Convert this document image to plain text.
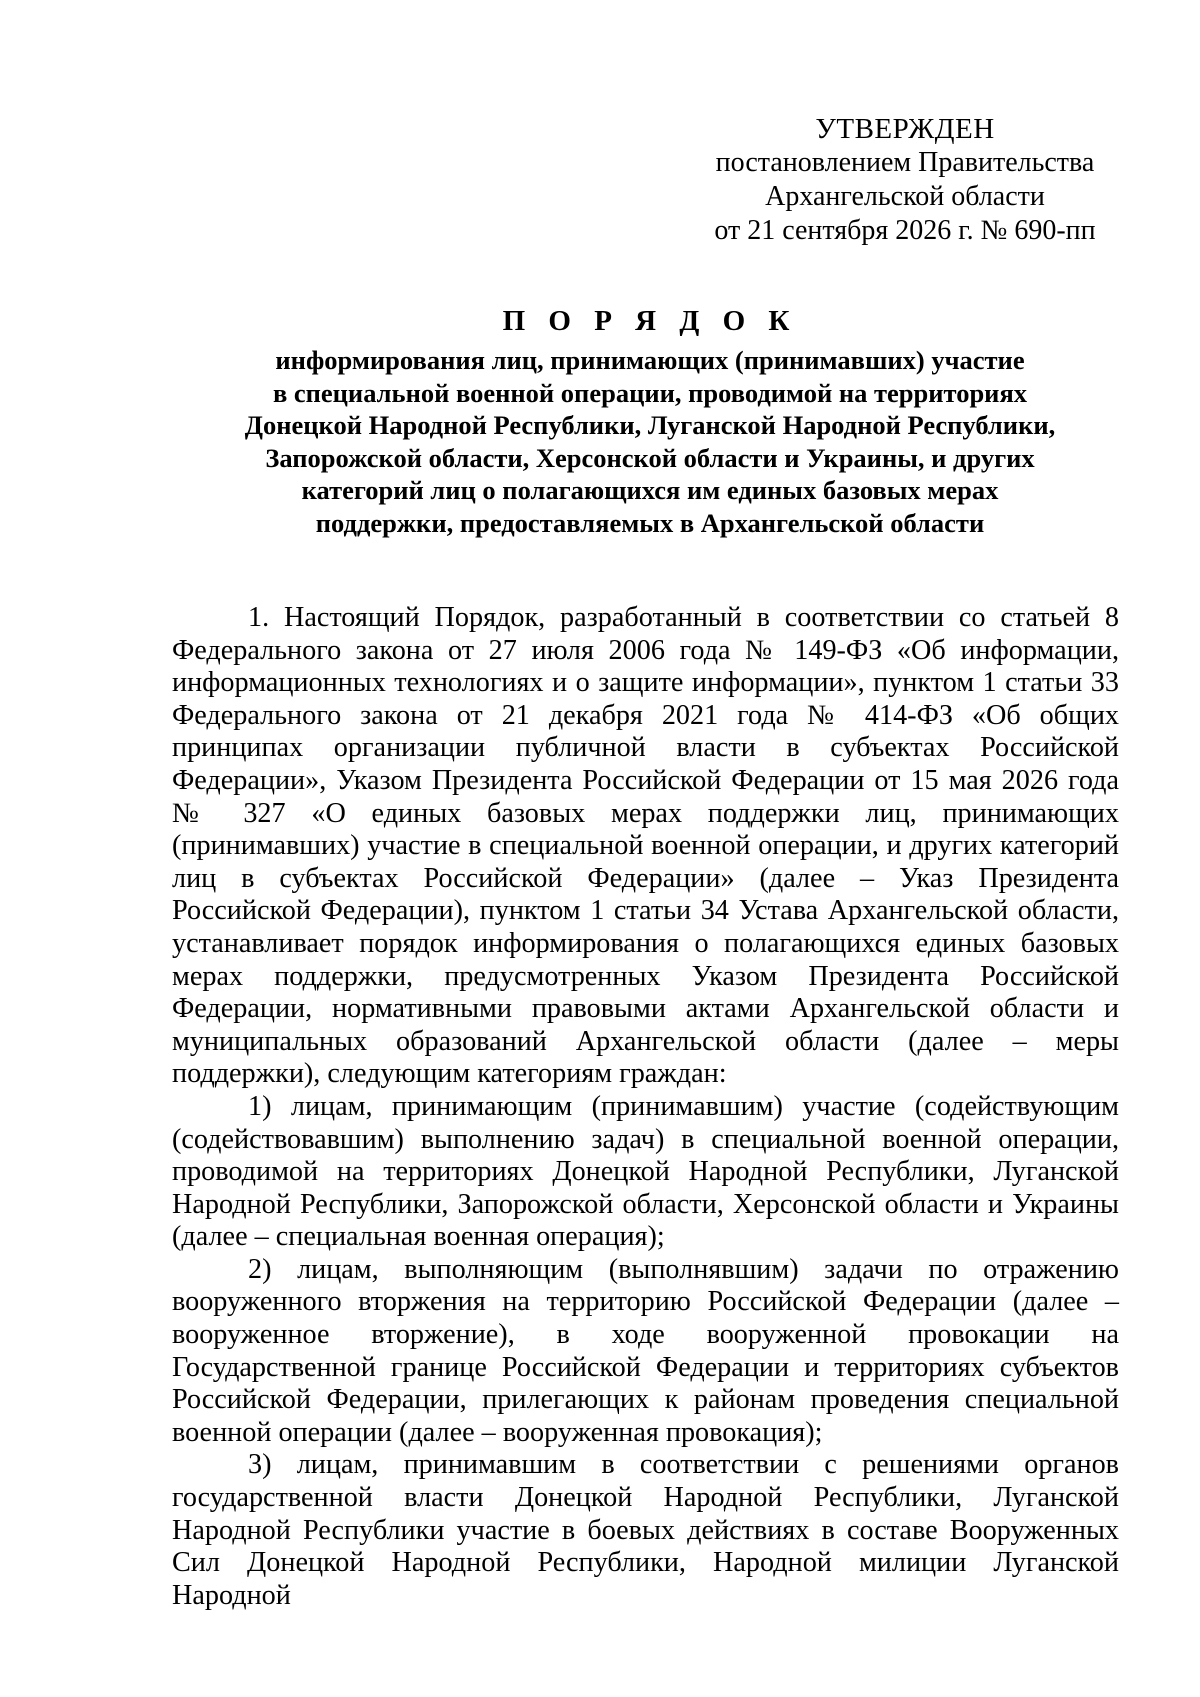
УТВЕРЖДЕН
постановлением Правительства
Архангельской области
от 21 сентября 2026 г. № 690-пп
П О Р Я Д О К
информирования лиц, принимающих (принимавших) участие
в специальной военной операции, проводимой на территориях
Донецкой Народной Республики, Луганской Народной Республики,
Запорожской области, Херсонской области и Украины, и других
категорий лиц о полагающихся им единых базовых мерах
поддержки, предоставляемых в Архангельской области

1. Настоящий Порядок, разработанный в соответствии со статьей 8 Федерального закона от 27 июля 2006 года № 149-ФЗ «Об информации, информационных технологиях и о защите информации», пунктом 1 статьи 33 Федерального закона от 21 декабря 2021 года № 414-ФЗ «Об общих принципах организации публичной власти в субъектах Российской Федерации», Указом Президента Российской Федерации от 15 мая 2026 года № 327 «О единых базовых мерах поддержки лиц, принимающих (принимавших) участие в специальной военной операции, и других категорий лиц в субъектах Российской Федерации» (далее – Указ Президента Российской Федерации), пунктом 1 статьи 34 Устава Архангельской области, устанавливает порядок информирования о полагающихся единых базовых мерах поддержки, предусмотренных Указом Президента Российской Федерации, нормативными правовыми актами Архангельской области и муниципальных образований Архангельской области (далее – меры поддержки), следующим категориям граждан:

1) лицам, принимающим (принимавшим) участие (содействующим (содействовавшим) выполнению задач) в специальной военной операции, проводимой на территориях Донецкой Народной Республики, Луганской Народной Республики, Запорожской области, Херсонской области и Украины (далее – специальная военная операция);

2) лицам, выполняющим (выполнявшим) задачи по отражению вооруженного вторжения на территорию Российской Федерации (далее – вооруженное вторжение), в ходе вооруженной провокации на Государственной границе Российской Федерации и территориях субъектов Российской Федерации, прилегающих к районам проведения специальной военной операции (далее – вооруженная провокация);

3) лицам, принимавшим в соответствии с решениями органов государственной власти Донецкой Народной Республики, Луганской Народной Республики участие в боевых действиях в составе Вооруженных Сил Донецкой Народной Республики, Народной милиции Луганской Народной
